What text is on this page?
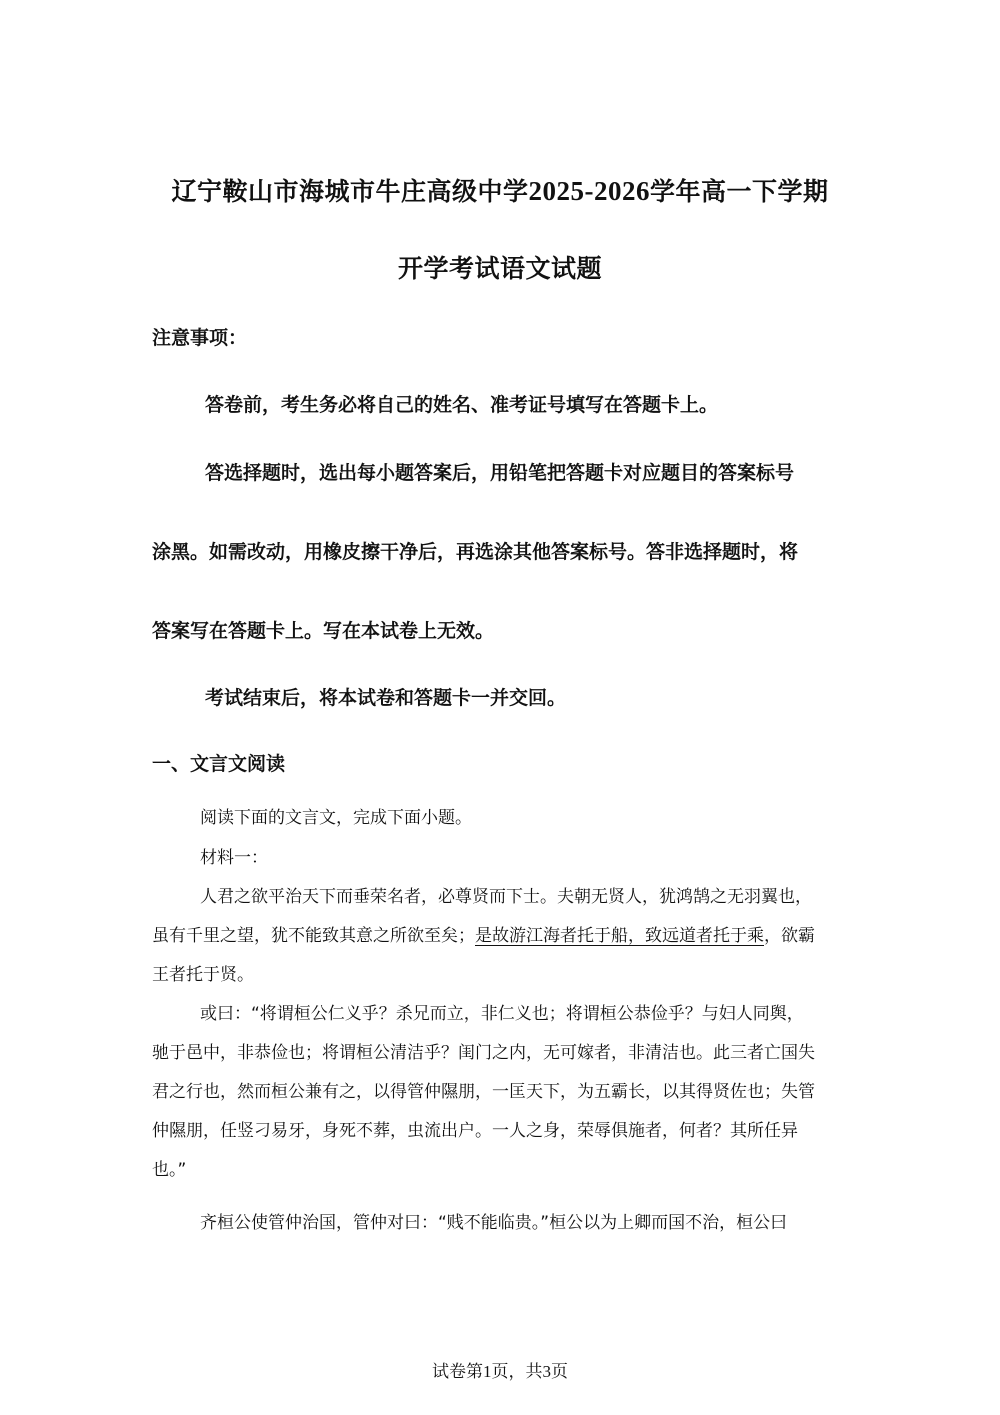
辽宁鞍山市海城市牛庄高级中学2025-2026学年高一下学期
开学考试语文试题
注意事项：
答卷前，考生务必将自己的姓名、准考证号填写在答题卡上。
答选择题时，选出每小题答案后，用铅笔把答题卡对应题目的答案标号
涂黑。如需改动，用橡皮擦干净后，再选涂其他答案标号。答非选择题时，将
答案写在答题卡上。写在本试卷上无效。
考试结束后，将本试卷和答题卡一并交回。
一、文言文阅读
阅读下面的文言文，完成下面小题。
材料一：
人君之欲平治天下而垂荣名者，必尊贤而下士。夫朝无贤人，犹鸿鹄之无羽翼也，
虽有千里之望，犹不能致其意之所欲至矣；是故游江海者托于船，致远道者托于乘，欲霸
王者托于贤。
或曰：“将谓桓公仁义乎？杀兄而立，非仁义也；将谓桓公恭俭乎？与妇人同舆，
驰于邑中，非恭俭也；将谓桓公清洁乎？闺门之内，无可嫁者，非清洁也。此三者亡国失
君之行也，然而桓公兼有之，以得管仲隰朋，一匡天下，为五霸长，以其得贤佐也；失管
仲隰朋，任竖刁易牙，身死不葬，虫流出户。一人之身，荣辱俱施者，何者？其所任异
也。”
齐桓公使管仲治国，管仲对曰：“贱不能临贵。”桓公以为上卿而国不治，桓公曰
试卷第1页，共3页
